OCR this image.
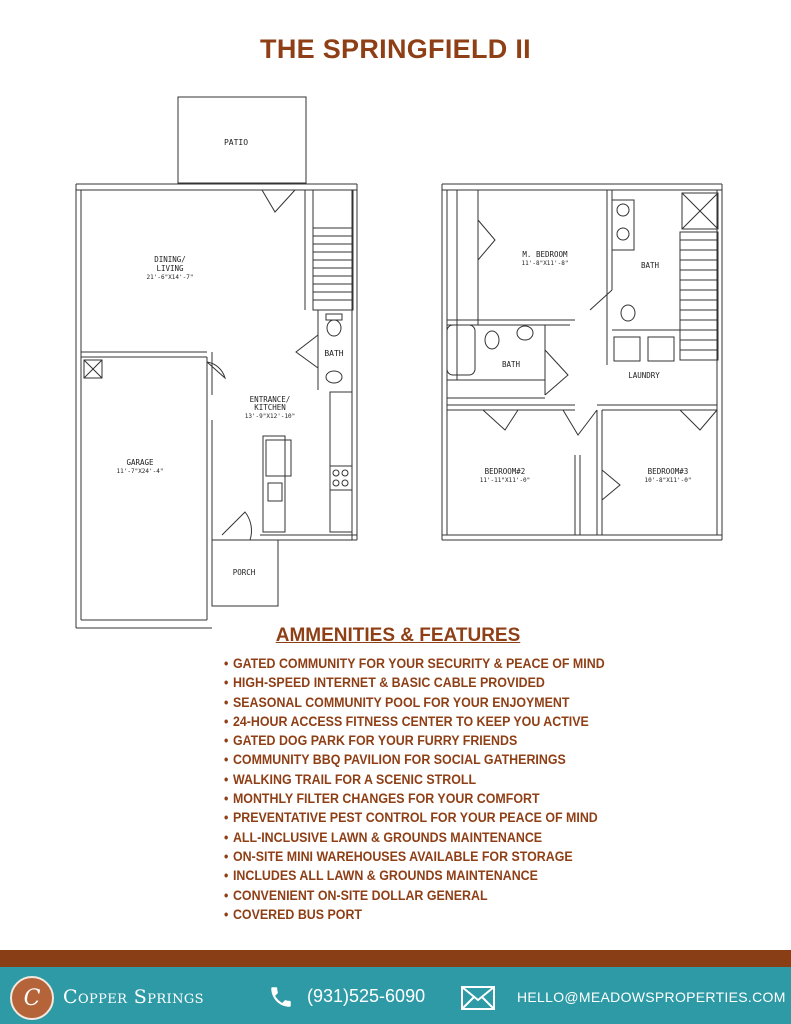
THE SPRINGFIELD II
PATIO
DINING/
LIVING
21'-6"X14'-7"
BATH
ENTRANCE/
KITCHEN
13'-9"X12'-10"
GARAGE
11'-7"X24'-4"
PORCH
M. BEDROOM
11'-8"X11'-8"	BATH
BATH
LAUNDRY
BEDROOM#2
11'-11"X11'-0"
BEDROOM#3
10'-8"X11'-0"
AMMENITIES & FEATURES
• GATED COMMUNITY FOR YOUR SECURITY & PEACE OF MIND
• HIGH-SPEED INTERNET & BASIC CABLE PROVIDED
• SEASONAL COMMUNITY POOL FOR YOUR ENJOYMENT
• 24-HOUR ACCESS FITNESS CENTER TO KEEP YOU ACTIVE
• GATED DOG PARK FOR YOUR FURRY FRIENDS
• COMMUNITY BBQ PAVILION FOR SOCIAL GATHERINGS
• WALKING TRAIL FOR A SCENIC STROLL
• MONTHLY FILTER CHANGES FOR YOUR COMFORT
• PREVENTATIVE PEST CONTROL FOR YOUR PEACE OF MIND
• ALL-INCLUSIVE LAWN & GROUNDS MAINTENANCE
• ON-SITE MINI WAREHOUSES AVAILABLE FOR STORAGE
• INCLUDES ALL LAWN & GROUNDS MAINTENANCE
• CONVENIENT ON-SITE DOLLAR GENERAL
• COVERED BUS PORT
C	Copper Springs	(931)525-6090	HELLO@MEADOWSPROPERTIES.COM
